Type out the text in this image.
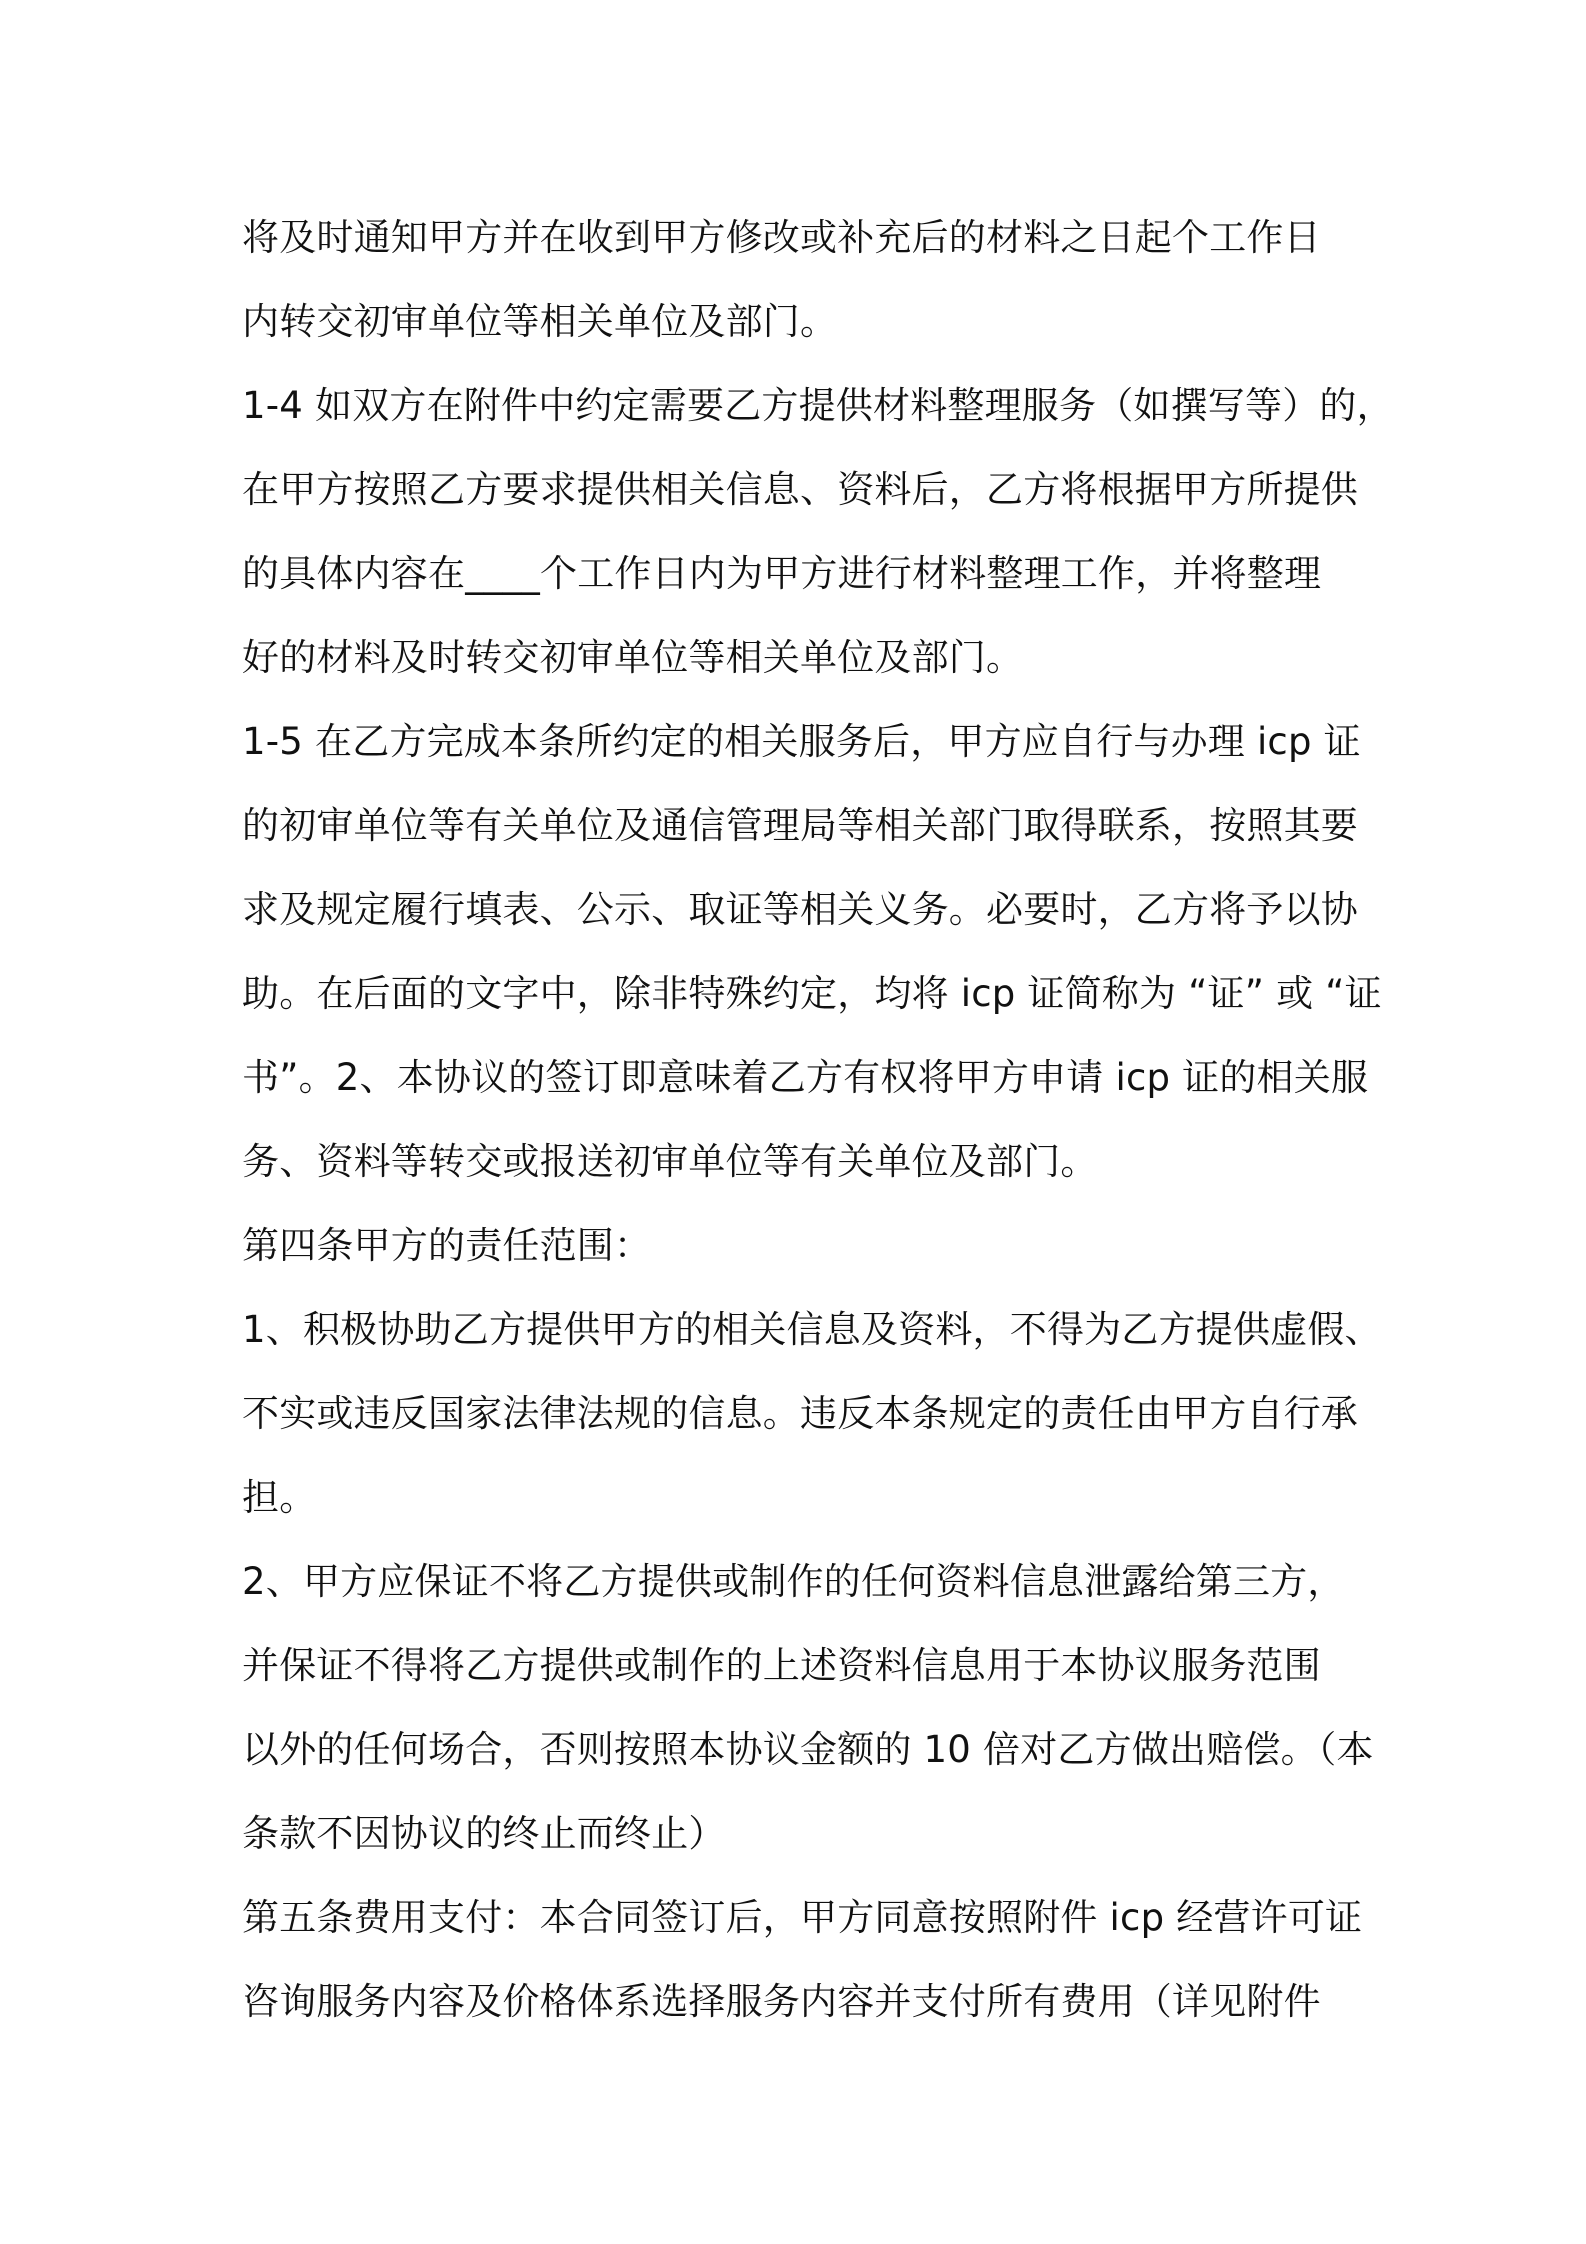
将及时通知甲方并在收到甲方修改或补充后的材料之日起个工作日
内转交初审单位等相关单位及部门。
1-4 如双方在附件中约定需要乙方提供材料整理服务（如撰写等）的，
在甲方按照乙方要求提供相关信息、资料后，乙方将根据甲方所提供
的具体内容在____个工作日内为甲方进行材料整理工作，并将整理
好的材料及时转交初审单位等相关单位及部门。
1-5 在乙方完成本条所约定的相关服务后，甲方应自行与办理 icp 证
的初审单位等有关单位及通信管理局等相关部门取得联系，按照其要
求及规定履行填表、公示、取证等相关义务。必要时，乙方将予以协
助。在后面的文字中，除非特殊约定，均将 icp 证简称为 “证” 或 “证
书”。2、本协议的签订即意味着乙方有权将甲方申请 icp 证的相关服
务、资料等转交或报送初审单位等有关单位及部门。
第四条甲方的责任范围：
1、积极协助乙方提供甲方的相关信息及资料，不得为乙方提供虚假、
不实或违反国家法律法规的信息。违反本条规定的责任由甲方自行承
担。
2、甲方应保证不将乙方提供或制作的任何资料信息泄露给第三方，
并保证不得将乙方提供或制作的上述资料信息用于本协议服务范围
以外的任何场合，否则按照本协议金额的 10 倍对乙方做出赔偿。（本
条款不因协议的终止而终止）
第五条费用支付：本合同签订后，甲方同意按照附件 icp 经营许可证
咨询服务内容及价格体系选择服务内容并支付所有费用（详见附件
